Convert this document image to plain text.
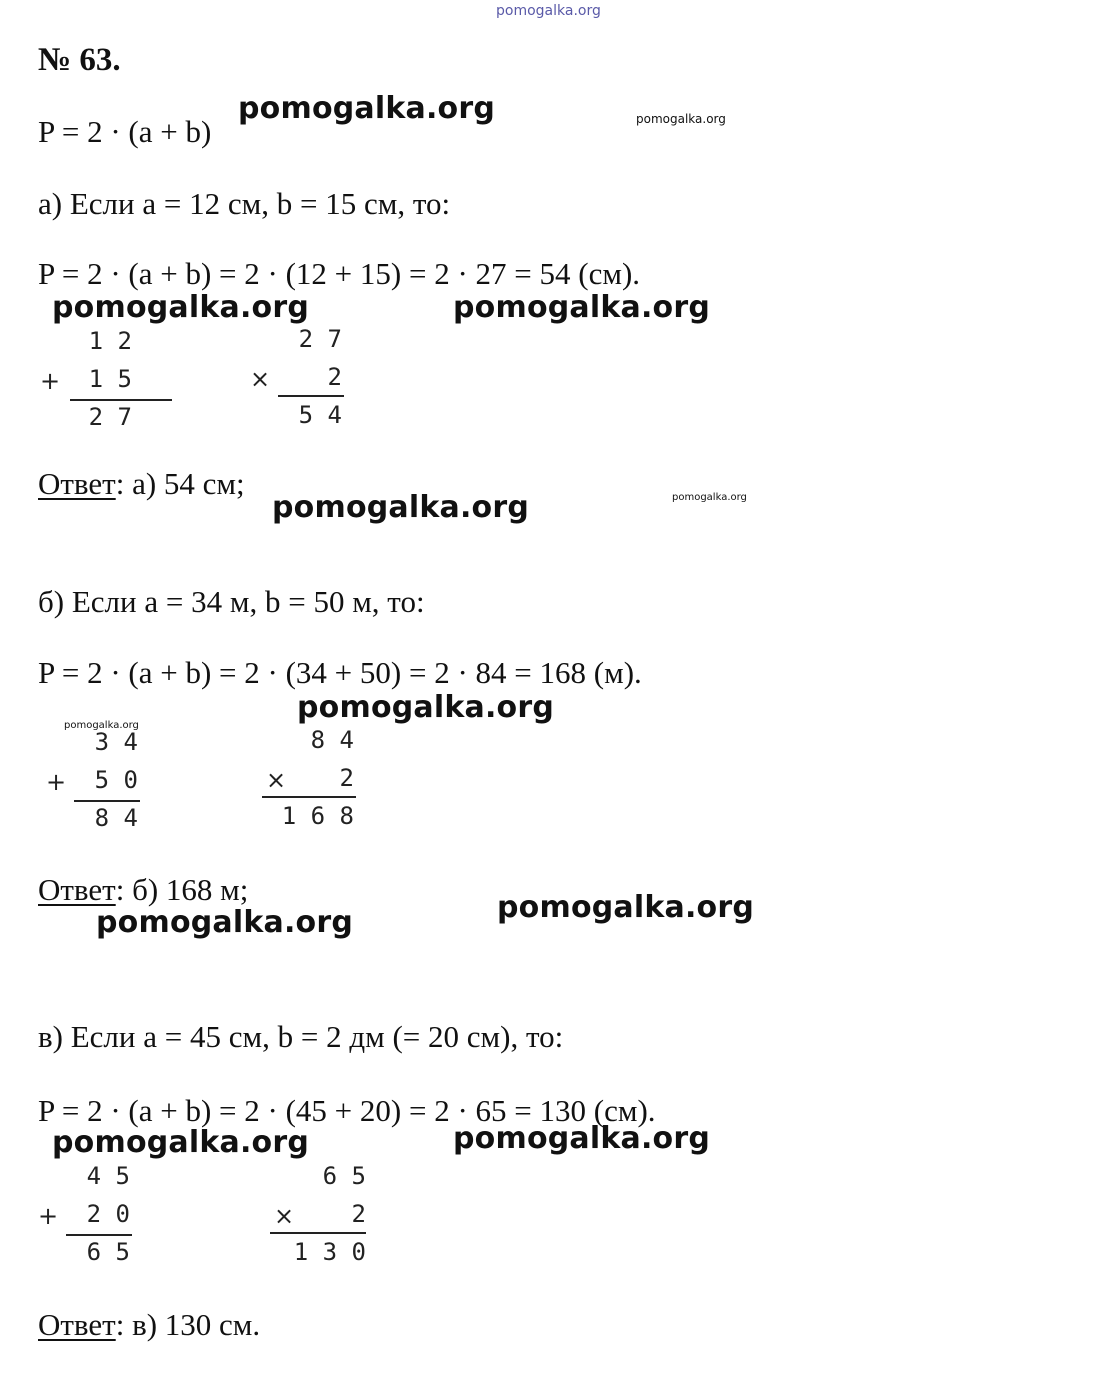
pomogalka.org
№ 63.
P = 2 · (a + b)
pomogalka.org	pomogalka.org
а) Если a = 12 см, b = 15 см, то:
P = 2 · (a + b) = 2 · (12 + 15) = 2 · 27 = 54 (см).
pomogalka.org	pomogalka.org
1 2
1 5
2 7
+
2 7
2
5 4
×
Ответ: а) 54 см;
pomogalka.org	pomogalka.org
б) Если a = 34 м, b = 50 м, то:
P = 2 · (a + b) = 2 · (34 + 50) = 2 · 84 = 168 (м).
pomogalka.org
pomogalka.org
3 4
5 0
8 4
+
8 4
2
1 6 8
×
Ответ: б) 168 м;
pomogalka.org	pomogalka.org
в) Если a = 45 см, b = 2 дм (= 20 см), то:
P = 2 · (a + b) = 2 · (45 + 20) = 2 · 65 = 130 (см).
pomogalka.org	pomogalka.org
4 5
2 0
6 5
+
6 5
2
1 3 0
×
Ответ: в) 130 см.
